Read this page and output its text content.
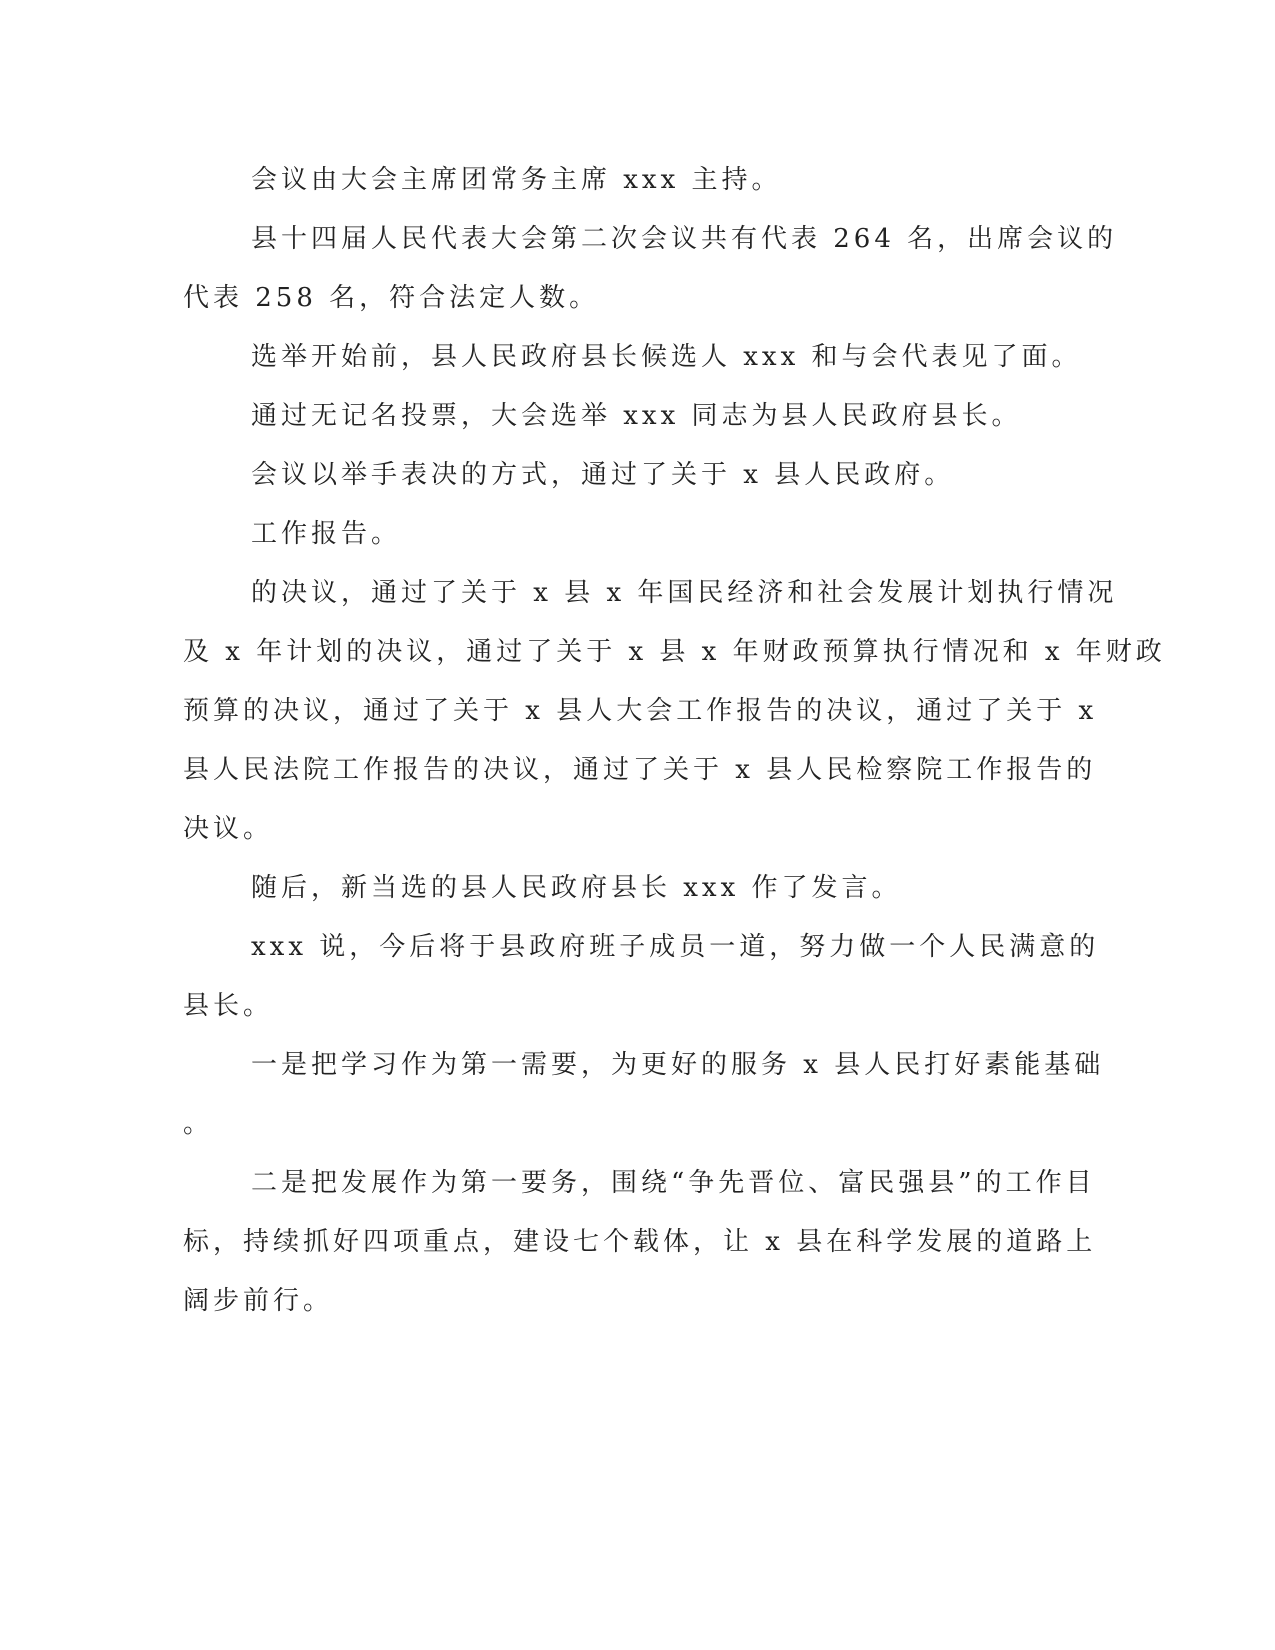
会议由大会主席团常务主席 xxx 主持。
县十四届人民代表大会第二次会议共有代表 264 名，出席会议的
代表 258 名，符合法定人数。
选举开始前，县人民政府县长候选人 xxx 和与会代表见了面。
通过无记名投票，大会选举 xxx 同志为县人民政府县长。
会议以举手表决的方式，通过了关于 x 县人民政府。
工作报告。
的决议，通过了关于 x 县 x 年国民经济和社会发展计划执行情况
及 x 年计划的决议，通过了关于 x 县 x 年财政预算执行情况和 x 年财政
预算的决议，通过了关于 x 县人大会工作报告的决议，通过了关于 x
县人民法院工作报告的决议，通过了关于 x 县人民检察院工作报告的
决议。
随后，新当选的县人民政府县长 xxx 作了发言。
xxx 说，今后将于县政府班子成员一道，努力做一个人民满意的
县长。
一是把学习作为第一需要，为更好的服务 x 县人民打好素能基础
。
二是把发展作为第一要务，围绕“争先晋位、富民强县”的工作目
标，持续抓好四项重点，建设七个载体，让 x 县在科学发展的道路上
阔步前行。
